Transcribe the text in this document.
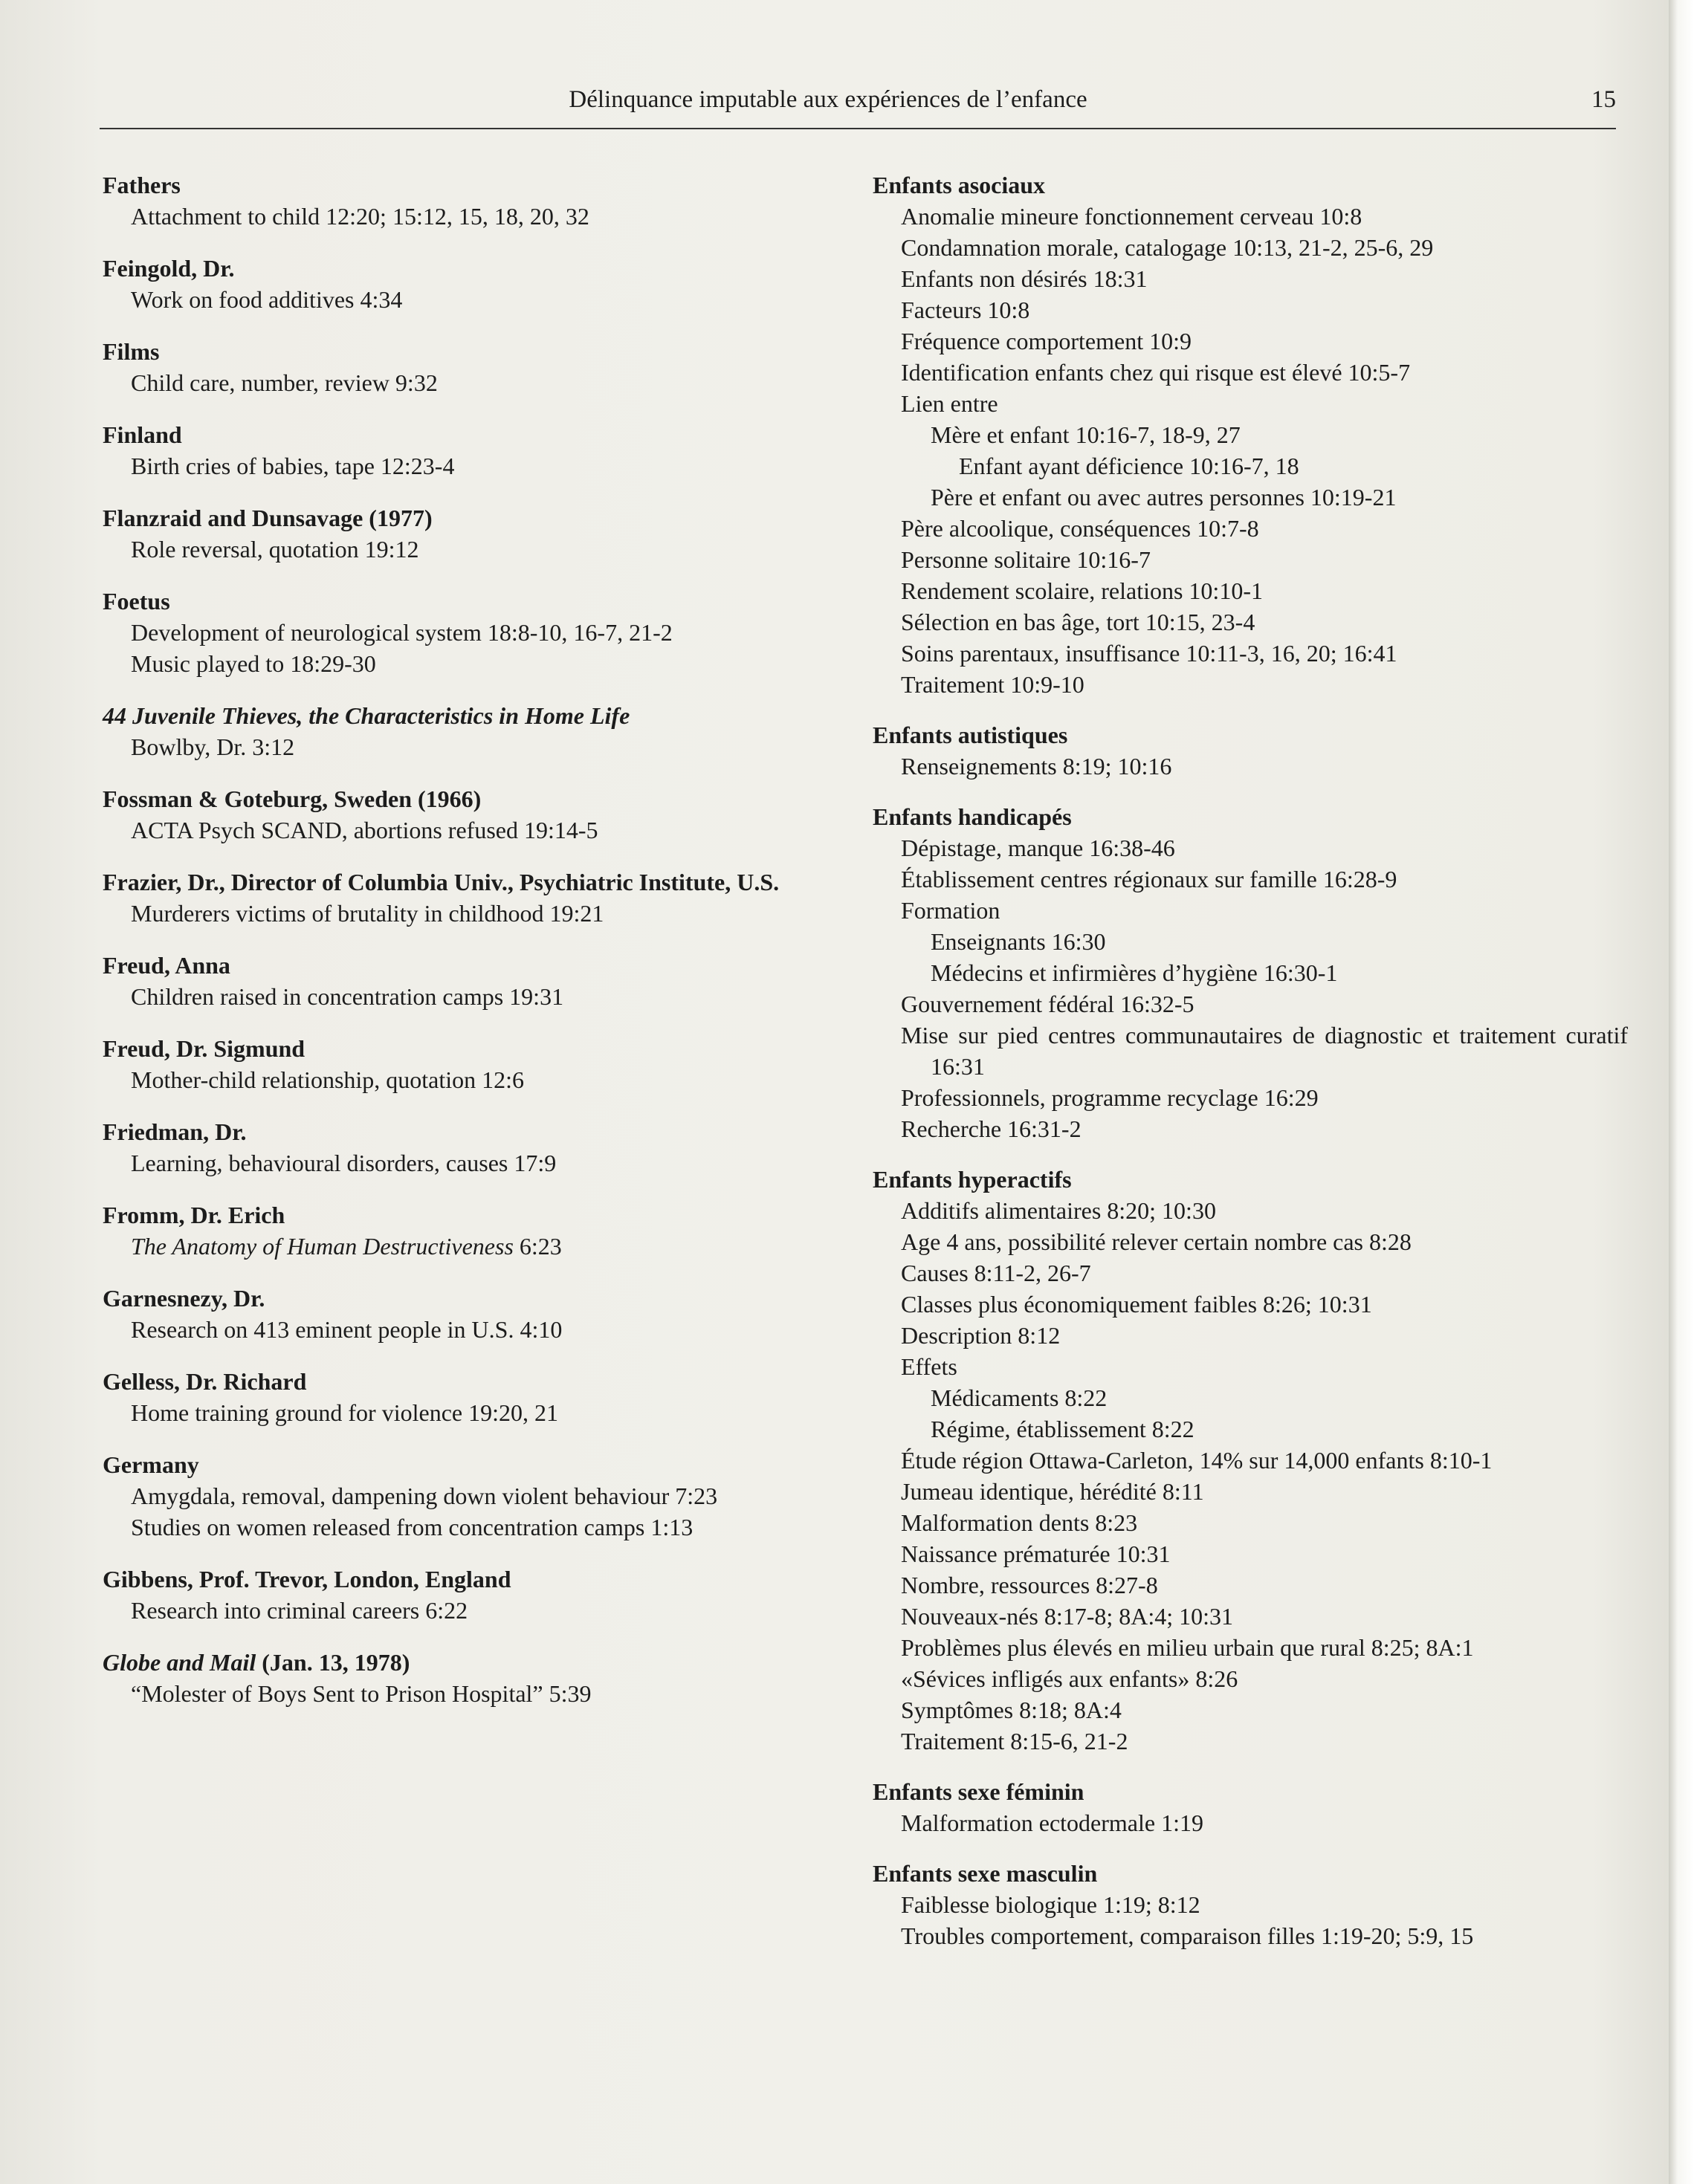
Délinquance imputable aux expériences de l’enfance	15
Fathers
Attachment to child 12:20; 15:12, 15, 18, 20, 32
Feingold, Dr.
Work on food additives 4:34
Films
Child care, number, review 9:32
Finland
Birth cries of babies, tape 12:23-4
Flanzraid and Dunsavage (1977)
Role reversal, quotation 19:12
Foetus
Development of neurological system 18:8-10, 16-7, 21-2
Music played to 18:29-30
44 Juvenile Thieves, the Characteristics in Home Life
Bowlby, Dr. 3:12
Fossman & Goteburg, Sweden (1966)
ACTA Psych SCAND, abortions refused 19:14-5
Frazier, Dr., Director of Columbia Univ., Psychiatric Institute, U.S.
Murderers victims of brutality in childhood 19:21
Freud, Anna
Children raised in concentration camps 19:31
Freud, Dr. Sigmund
Mother-child relationship, quotation 12:6
Friedman, Dr.
Learning, behavioural disorders, causes 17:9
Fromm, Dr. Erich
The Anatomy of Human Destructiveness 6:23
Garnesnezy, Dr.
Research on 413 eminent people in U.S. 4:10
Gelless, Dr. Richard
Home training ground for violence 19:20, 21
Germany
Amygdala, removal, dampening down violent behaviour 7:23
Studies on women released from concentration camps 1:13
Gibbens, Prof. Trevor, London, England
Research into criminal careers 6:22
Globe and Mail (Jan. 13, 1978)
“Molester of Boys Sent to Prison Hospital” 5:39
Enfants asociaux
Anomalie mineure fonctionnement cerveau 10:8
Condamnation morale, catalogage 10:13, 21-2, 25-6, 29
Enfants non désirés 18:31
Facteurs 10:8
Fréquence comportement 10:9
Identification enfants chez qui risque est élevé 10:5-7
Lien entre
Mère et enfant 10:16-7, 18-9, 27
Enfant ayant déficience 10:16-7, 18
Père et enfant ou avec autres personnes 10:19-21
Père alcoolique, conséquences 10:7-8
Personne solitaire 10:16-7
Rendement scolaire, relations 10:10-1
Sélection en bas âge, tort 10:15, 23-4
Soins parentaux, insuffisance 10:11-3, 16, 20; 16:41
Traitement 10:9-10
Enfants autistiques
Renseignements 8:19; 10:16
Enfants handicapés
Dépistage, manque 16:38-46
Établissement centres régionaux sur famille 16:28-9
Formation
Enseignants 16:30
Médecins et infirmières d’hygiène 16:30-1
Gouvernement fédéral 16:32-5
Mise sur pied centres communautaires de diagnostic et traitement curatif 16:31
Professionnels, programme recyclage 16:29
Recherche 16:31-2
Enfants hyperactifs
Additifs alimentaires 8:20; 10:30
Age 4 ans, possibilité relever certain nombre cas 8:28
Causes 8:11-2, 26-7
Classes plus économiquement faibles 8:26; 10:31
Description 8:12
Effets
Médicaments 8:22
Régime, établissement 8:22
Étude région Ottawa-Carleton, 14% sur 14,000 enfants 8:10-1
Jumeau identique, hérédité 8:11
Malformation dents 8:23
Naissance prématurée 10:31
Nombre, ressources 8:27-8
Nouveaux-nés 8:17-8; 8A:4; 10:31
Problèmes plus élevés en milieu urbain que rural 8:25; 8A:1
«Sévices infligés aux enfants» 8:26
Symptômes 8:18; 8A:4
Traitement 8:15-6, 21-2
Enfants sexe féminin
Malformation ectodermale 1:19
Enfants sexe masculin
Faiblesse biologique 1:19; 8:12
Troubles comportement, comparaison filles 1:19-20; 5:9, 15
